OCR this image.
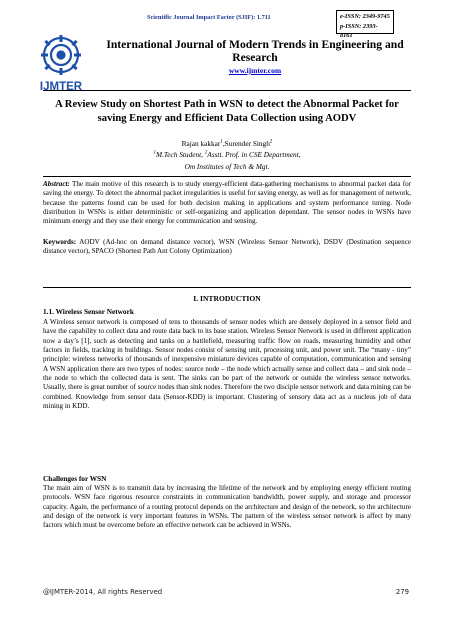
Scientific Journal Impact Factor (SJIF): 1.711	e-ISSN: 2349-9745
p-ISSN: 2393-8161
IJMTER
International Journal of Modern Trends in Engineering and Research
www.ijmter.com
A Review Study on Shortest Path in WSN to detect the Abnormal Packet for saving Energy and Efficient Data Collection using AODV
Rajan kakkar$^1$,Surender Singh$^2$
$^1$M.Tech Student, $^2$Asstt. Prof. in CSE Department,
Om Institutes of Tech & Mgt.
Abstract: The main motive of this research is to study energy-efficient data-gathering mechanisms to abnormal packet data for saving the energy. To detect the abnormal packet irregularities is useful for saving energy, as well as for management of network, because the patterns found can be used for both decision making in applications and system performance tuning. Node distribution in WSNs is either deterministic or self-organizing and application dependant. The sensor nodes in WSNs have minimum energy and they use their energy for communication and sensing.
Keywords: AODV (Ad-hoc on demand distance vector), WSN (Wireless Sensor Network), DSDV (Destination sequence distance vector), SPACO (Shortest Path Ant Colony Optimization)
I. INTRODUCTION
1.1. Wireless Sensor Network
A Wireless sensor network is composed of tens to thousands of sensor nodes which are densely deployed in a sensor field and have the capability to collect data and route data back to its base station. Wireless Sensor Network is used in different application now a day’s [1], such as detecting and tanks on a battlefield, measuring traffic flow on roads, measuring humidity and other factors in fields, tracking in buildings. Sensor nodes consist of sensing unit, processing unit, and power unit. The “many - tiny” principle: wireless networks of thousands of inexpensive miniature devices capable of computation, communication and sensing A WSN application there are two types of nodes: source node – the node which actually sense and collect data – and sink node – the node to which the collected data is sent. The sinks can be part of the network or outside the wireless sensor networks. Usually, there is great number of source nodes than sink nodes. Therefore the two disciple sensor network and data mining can be combined. Knowledge from sensor data (Sensor-KDD) is important. Clustering of sensory data act as a nucleus job of data mining in KDD.
Challenges for WSN
The main aim of WSN is to transmit data by increasing the lifetime of the network and by employing energy efficient routing protocols. WSN face rigorous resource constraints in communication bandwidth, power supply, and storage and processor capacity. Again, the performance of a routing protocol depends on the architecture and design of the network, so the architecture and design of the network is very important features in WSNs. The pattern of the wireless sensor network is affect by many factors which must be overcome before an effective network can be achieved in WSNs.
@IJMTER-2014, All rights Reserved	279
